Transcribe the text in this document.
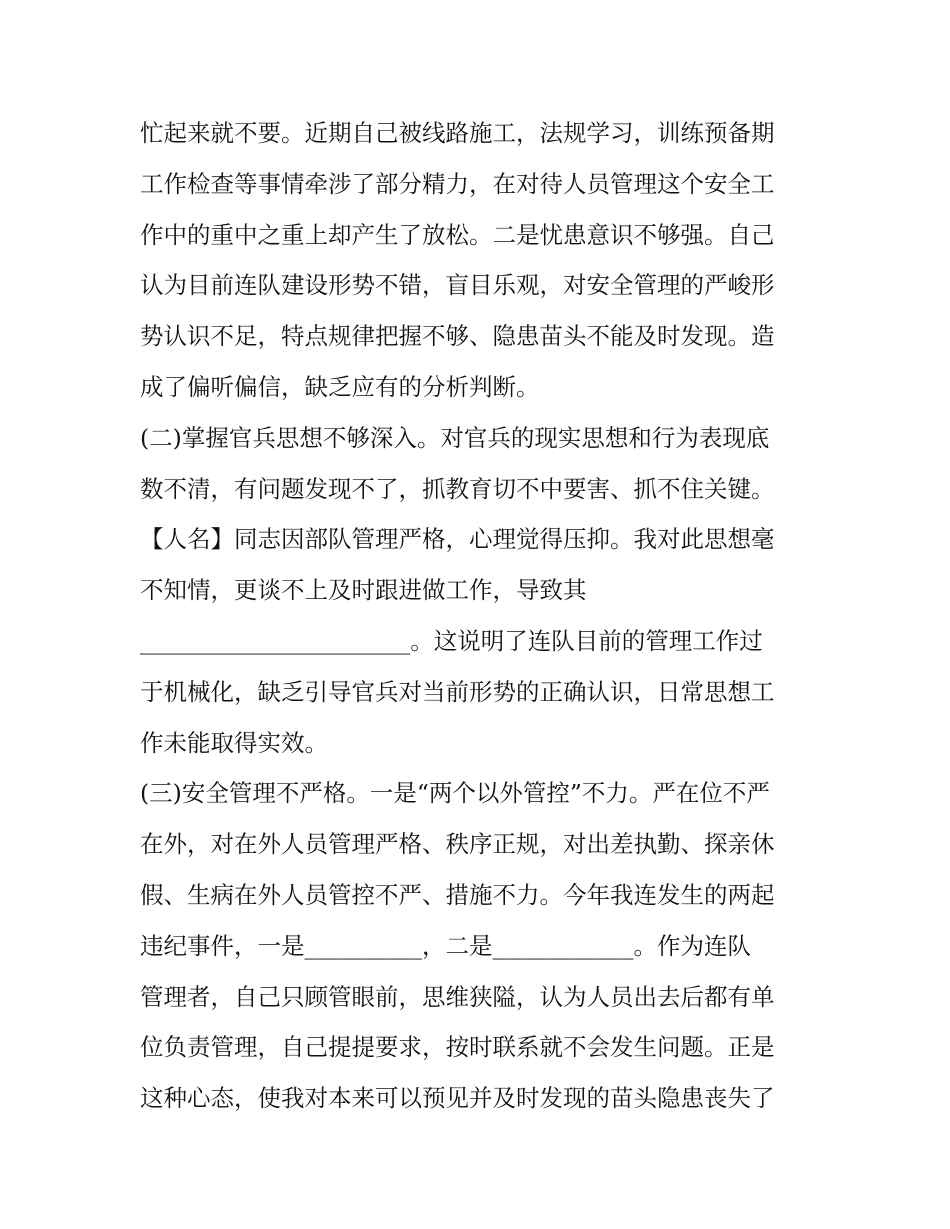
忙起来就不要。近期自己被线路施工，法规学习，训练预备期
工作检查等事情牵涉了部分精力，在对待人员管理这个安全工
作中的重中之重上却产生了放松。二是忧患意识不够强。自己
认为目前连队建设形势不错，盲目乐观，对安全管理的严峻形
势认识不足，特点规律把握不够、隐患苗头不能及时发现。造
成了偏听偏信，缺乏应有的分析判断。
(二)掌握官兵思想不够深入。对官兵的现实思想和行为表现底
数不清，有问题发现不了，抓教育切不中要害、抓不住关键。
【人名】同志因部队管理严格，心理觉得压抑。我对此思想毫
不知情，更谈不上及时跟进做工作，导致其
_______________________。这说明了连队目前的管理工作过
于机械化，缺乏引导官兵对当前形势的正确认识，日常思想工
作未能取得实效。
(三)安全管理不严格。一是“两个以外管控”不力。严在位不严
在外，对在外人员管理严格、秩序正规，对出差执勤、探亲休
假、生病在外人员管控不严、措施不力。今年我连发生的两起
违纪事件，一是__________，二是____________。作为连队
管理者，自己只顾管眼前，思维狭隘，认为人员出去后都有单
位负责管理，自己提提要求，按时联系就不会发生问题。正是
这种心态，使我对本来可以预见并及时发现的苗头隐患丧失了
